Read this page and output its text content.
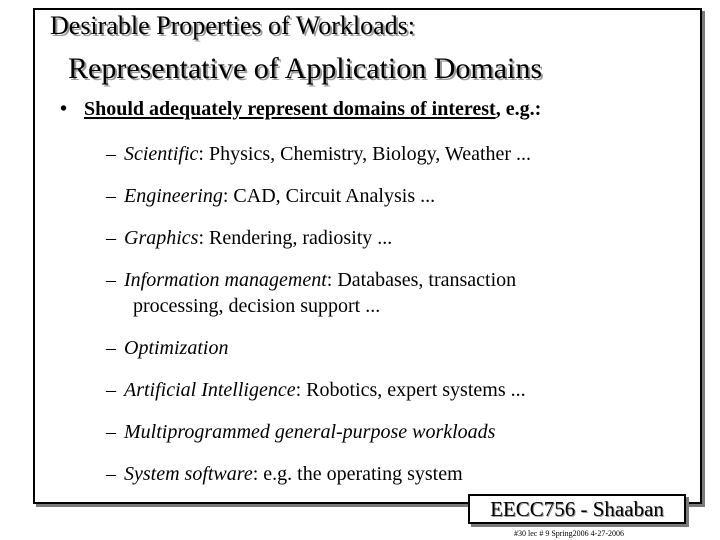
Desirable Properties of Workloads:
Representative of Application Domains
• Should adequately represent domains of interest, e.g.:
– Scientific: Physics, Chemistry, Biology, Weather ...
– Engineering: CAD, Circuit Analysis ...
– Graphics: Rendering, radiosity ...
– Information management: Databases, transaction
processing, decision support ...
– Optimization
– Artificial Intelligence: Robotics, expert systems ...
– Multiprogrammed general-purpose workloads
– System software: e.g. the operating system
EECC756 - Shaaban
#30 lec # 9 Spring2006 4-27-2006
